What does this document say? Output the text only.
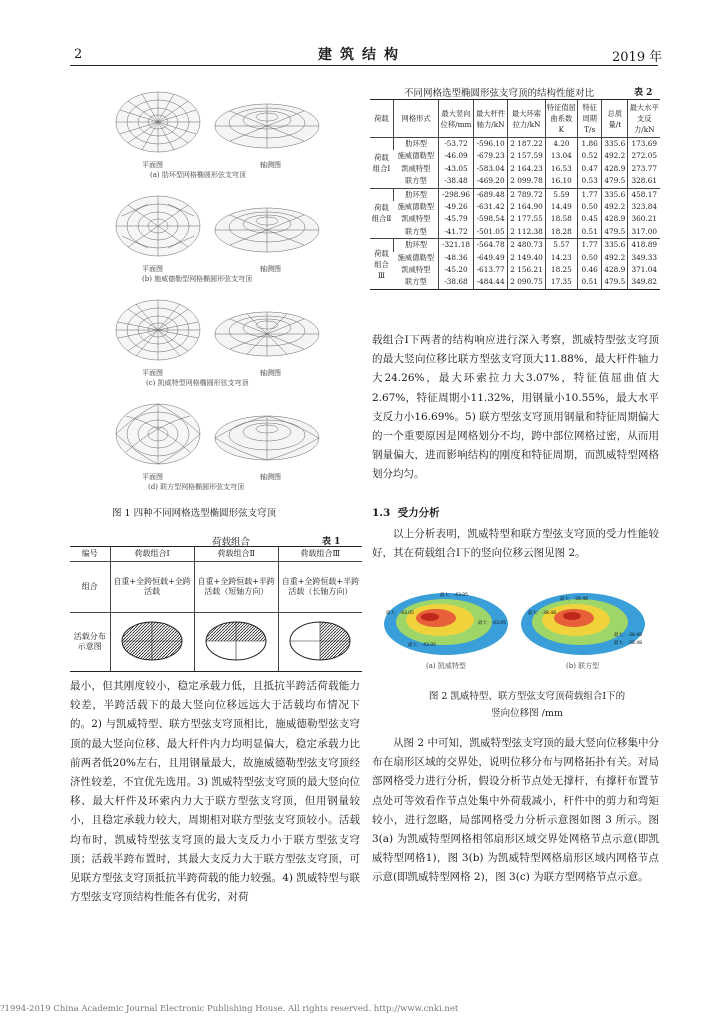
2	建筑结构	2019 年
平面图	轴测图
(a) 肋环型网格椭圆形弦支穹顶
平面图	轴测图
(b) 施威德勒型网格椭圆形弦支穹顶
平面图	轴测图
(c) 凯威特型网格椭圆形弦支穹顶
平面图	轴测图
(d) 联方型网格椭圆形弦支穹顶
图 1 四种不同网格选型椭圆形弦支穹顶
荷载组合	表 1
编号	荷载组合Ⅰ	荷载组合Ⅱ	荷载组合Ⅲ
组合	自重+全跨恒载+全跨活载	自重+全跨恒载+半跨活载（短轴方向）	自重+全跨恒载+半跨活载（长轴方向）
活载分布示意图			

最小，但其刚度较小，稳定承载力低，且抵抗半跨活荷载能力较差，半跨活载下的最大竖向位移远远大于活载均布情况下的。2) 与凯威特型、联方型弦支穹顶相比，施威德勒型弦支穹顶的最大竖向位移、最大杆件内力均明显偏大，稳定承载力比前两者低20%左右，且用钢量最大，故施威德勒型弦支穹顶经济性较差，不宜优先选用。3) 凯威特型弦支穹顶的最大竖向位移、最大杆件及环索内力大于联方型弦支穹顶，但用钢量较小，且稳定承载力较大，周期相对联方型弦支穹顶较小。活载均布时，凯威特型弦支穹顶的最大支反力小于联方型弦支穹顶；活载半跨布置时，其最大支反力大于联方型弦支穹顶，可见联方型弦支穹顶抵抗半跨荷载的能力较强。4) 凯威特型与联方型弦支穹顶结构性能各有优劣，对荷

不同网格选型椭圆形弦支穹顶的结构性能对比	表 2
荷载	网格形式	最大竖向位移/mm	最大杆件轴力/kN	最大环索拉力/kN	特征值屈曲系数 K	特征周期 T/s	总质量/t	最大水平支反力/kN
荷载组合Ⅰ	肋环型	-53.72	-596.10	2 187.22	4.20	1.86	335.6	173.69
	施威德勒型	-46.09	-679.23	2 157.59	13.04	0.52	492.2	272.05
	凯威特型	-43.05	-583.04	2 164.23	16.53	0.47	428.9	273.77
	联方型	-38.48	-469.20	2 099.78	16.10	0.53	479.5	328.61
荷载组合Ⅱ	肋环型	-298.96	-689.48	2 789.72	5.59	1.77	335.6	458.17
	施威德勒型	-49.26	-631.42	2 164.90	14.49	0.50	492.2	323.84
	凯威特型	-45.79	-598.54	2 177.55	18.58	0.45	428.9	360.21
	联方型	-41.72	-501.05	2 112.38	18.28	0.51	479.5	317.00
荷载组合Ⅲ	肋环型	-321.18	-564.78	2 480.73	5.57	1.77	335.6	418.89
	施威德勒型	-48.36	-649.49	2 149.40	14.23	0.50	492.2	349.33
	凯威特型	-45.20	-613.77	2 156.21	18.25	0.46	428.9	371.04
	联方型	-38.68	-484.44	2 090.75	17.35	0.51	479.5	349.82

载组合Ⅰ下两者的结构响应进行深入考察，凯威特型弦支穹顶的最大竖向位移比联方型弦支穹顶大11.88%，最大杆件轴力大24.26%，最大环索拉力大3.07%，特征值屈曲值大2.67%，特征周期小11.32%，用钢量小10.55%，最大水平支反力小16.69%。5) 联方型弦支穹顶用钢量和特征周期偏大的一个重要原因是网格划分不均，跨中部位网格过密，从而用钢量偏大，进而影响结构的刚度和特征周期，而凯威特型网格划分均匀。

1.3 受力分析

以上分析表明，凯威特型和联方型弦支穹顶的受力性能较好，其在荷载组合Ⅰ下的竖向位移云图见图 2。

最大：-43.05
最大：-43.05
最大：-43.05
最大：-43.05
最大：-38.48
最大：-38.48
最大：-38.48
最大：-38.48
(a) 凯威特型	(b) 联方型
图 2 凯威特型、联方型弦支穹顶荷载组合Ⅰ下的
竖向位移图 /mm

从图 2 中可知，凯威特型弦支穹顶的最大竖向位移集中分布在扇形区域的交界处，说明位移分布与网格拓扑有关。对局部网格受力进行分析，假设分析节点处无撑杆，有撑杆布置节点处可等效看作节点处集中外荷载减小，杆件中的剪力和弯矩较小，进行忽略，局部网格受力分析示意图如图 3 所示。图 3(a) 为凯威特型网格相邻扇形区域交界处网格节点示意(即凯威特型网格1)，图 3(b) 为凯威特型网格扇形区域内网格节点示意(即凯威特型网格 2)，图 3(c) 为联方型网格节点示意。

?1994-2019 China Academic Journal Electronic Publishing House. All rights reserved. http://www.cnki.net
